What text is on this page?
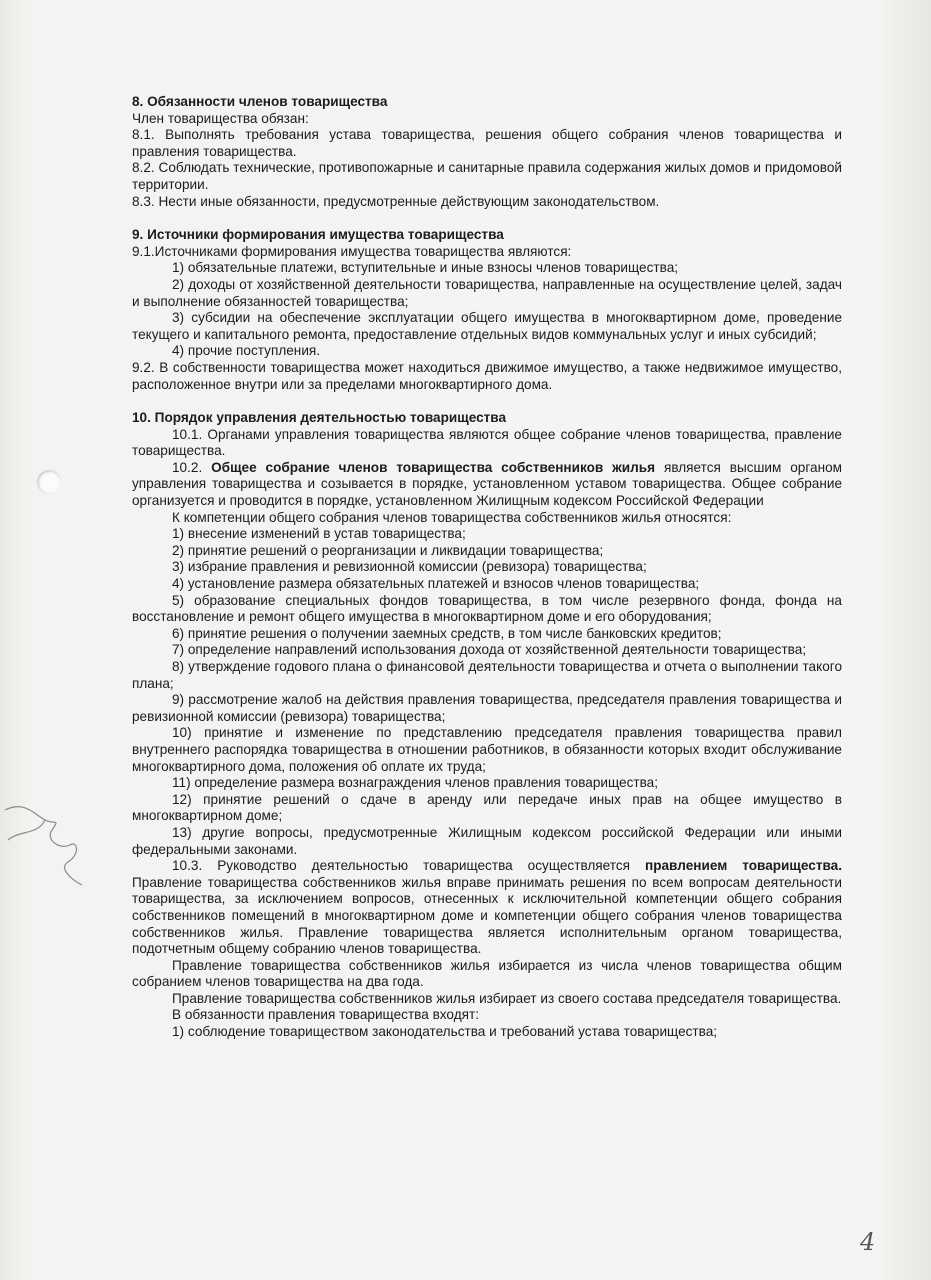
8. Обязанности членов товарищества

Член товарищества обязан:

8.1. Выполнять требования устава товарищества, решения общего собрания членов товарищества и правления товарищества.

8.2. Соблюдать технические, противопожарные и санитарные правила содержания жилых домов и придомовой территории.

8.3. Нести иные обязанности, предусмотренные действующим законодательством.

9. Источники формирования имущества товарищества

9.1.Источниками формирования имущества товарищества являются:

1) обязательные платежи, вступительные и иные взносы членов товарищества;

2) доходы от хозяйственной деятельности товарищества, направленные на осуществление целей, задач и выполнение обязанностей товарищества;

3) субсидии на обеспечение эксплуатации общего имущества в многоквартирном доме, проведение текущего и капитального ремонта, предоставление отдельных видов коммунальных услуг и иных субсидий;

4) прочие поступления.

9.2. В собственности товарищества может находиться движимое имущество, а также недвижимое имущество, расположенное внутри или за пределами многоквартирного дома.

10. Порядок управления деятельностью товарищества

10.1. Органами управления товарищества являются общее собрание членов товарищества, правление товарищества.

10.2. Общее собрание членов товарищества собственников жилья является высшим органом управления товарищества и созывается в порядке, установленном уставом товарищества. Общее собрание организуется и проводится в порядке, установленном Жилищным кодексом Российской Федерации

К компетенции общего собрания членов товарищества собственников жилья относятся:

1) внесение изменений в устав товарищества;

2) принятие решений о реорганизации и ликвидации товарищества;

3) избрание правления и ревизионной комиссии (ревизора) товарищества;

4) установление размера обязательных платежей и взносов членов товарищества;

5) образование специальных фондов товарищества, в том числе резервного фонда, фонда на восстановление и ремонт общего имущества в многоквартирном доме и его оборудования;

6) принятие решения о получении заемных средств, в том числе банковских кредитов;

7) определение направлений использования дохода от хозяйственной деятельности товарищества;

8) утверждение годового плана о финансовой деятельности товарищества и отчета о выполнении такого плана;

9) рассмотрение жалоб на действия правления товарищества, председателя правления товарищества и ревизионной комиссии (ревизора) товарищества;

10) принятие и изменение по представлению председателя правления товарищества правил внутреннего распорядка товарищества в отношении работников, в обязанности которых входит обслуживание многоквартирного дома, положения об оплате их труда;

11) определение размера вознаграждения членов правления товарищества;

12) принятие решений о сдаче в аренду или передаче иных прав на общее имущество в многоквартирном доме;

13) другие вопросы, предусмотренные Жилищным кодексом российской Федерации или иными федеральными законами.

10.3. Руководство деятельностью товарищества осуществляется правлением товарищества. Правление товарищества собственников жилья вправе принимать решения по всем вопросам деятельности товарищества, за исключением вопросов, отнесенных к исключительной компетенции общего собрания собственников помещений в многоквартирном доме и компетенции общего собрания членов товарищества собственников жилья. Правление товарищества является исполнительным органом товарищества, подотчетным общему собранию членов товарищества.

Правление товарищества собственников жилья избирается из числа членов товарищества общим собранием членов товарищества на два года.

Правление товарищества собственников жилья избирает из своего состава председателя товарищества.

В обязанности правления товарищества входят:

1) соблюдение товариществом законодательства и требований устава товарищества;

4
